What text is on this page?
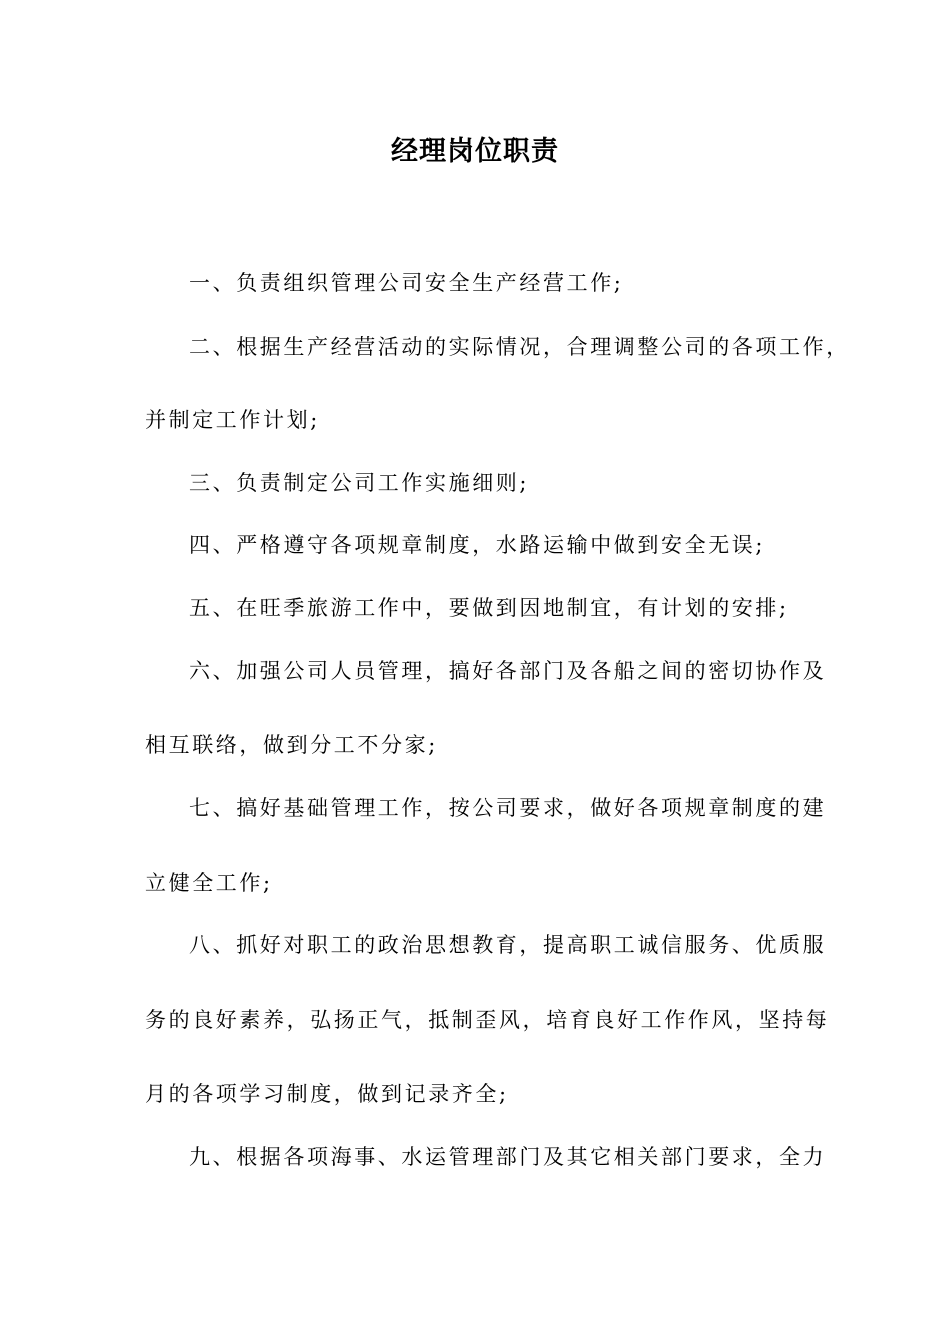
经理岗位职责
一、负责组织管理公司安全生产经营工作;
二、根据生产经营活动的实际情况，合理调整公司的各项工作，
并制定工作计划;
三、负责制定公司工作实施细则;
四、严格遵守各项规章制度，水路运输中做到安全无误;
五、在旺季旅游工作中，要做到因地制宜，有计划的安排;
六、加强公司人员管理，搞好各部门及各船之间的密切协作及
相互联络，做到分工不分家;
七、搞好基础管理工作，按公司要求，做好各项规章制度的建
立健全工作;
八、抓好对职工的政治思想教育，提高职工诚信服务、优质服
务的良好素养，弘扬正气，抵制歪风，培育良好工作作风，坚持每
月的各项学习制度，做到记录齐全;
九、根据各项海事、水运管理部门及其它相关部门要求，全力
